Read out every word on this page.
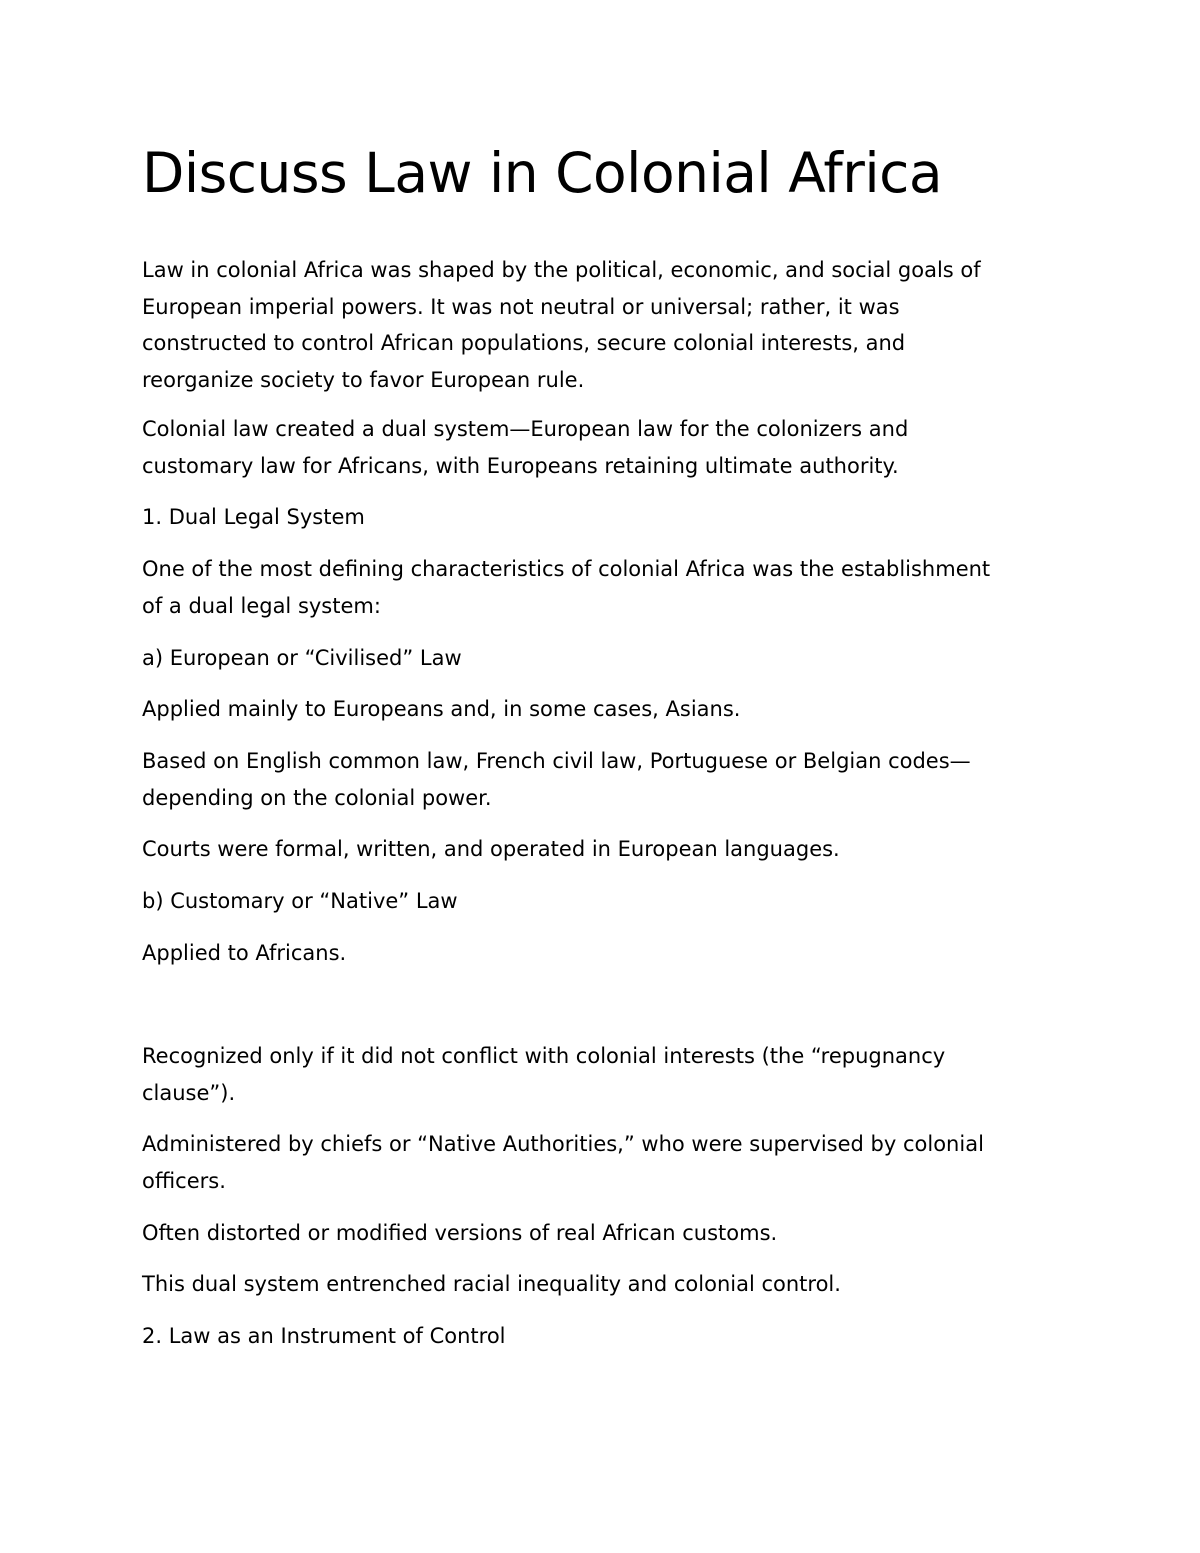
Discuss Law in Colonial Africa

Law in colonial Africa was shaped by the political, economic, and social goals of
European imperial powers. It was not neutral or universal; rather, it was
constructed to control African populations, secure colonial interests, and
reorganize society to favor European rule.

Colonial law created a dual system—European law for the colonizers and
customary law for Africans, with Europeans retaining ultimate authority.

1. Dual Legal System

One of the most defining characteristics of colonial Africa was the establishment
of a dual legal system:

a) European or “Civilised” Law

Applied mainly to Europeans and, in some cases, Asians.

Based on English common law, French civil law, Portuguese or Belgian codes—
depending on the colonial power.

Courts were formal, written, and operated in European languages.

b) Customary or “Native” Law

Applied to Africans.

Recognized only if it did not conflict with colonial interests (the “repugnancy
clause”).

Administered by chiefs or “Native Authorities,” who were supervised by colonial
officers.

Often distorted or modified versions of real African customs.

This dual system entrenched racial inequality and colonial control.

2. Law as an Instrument of Control
